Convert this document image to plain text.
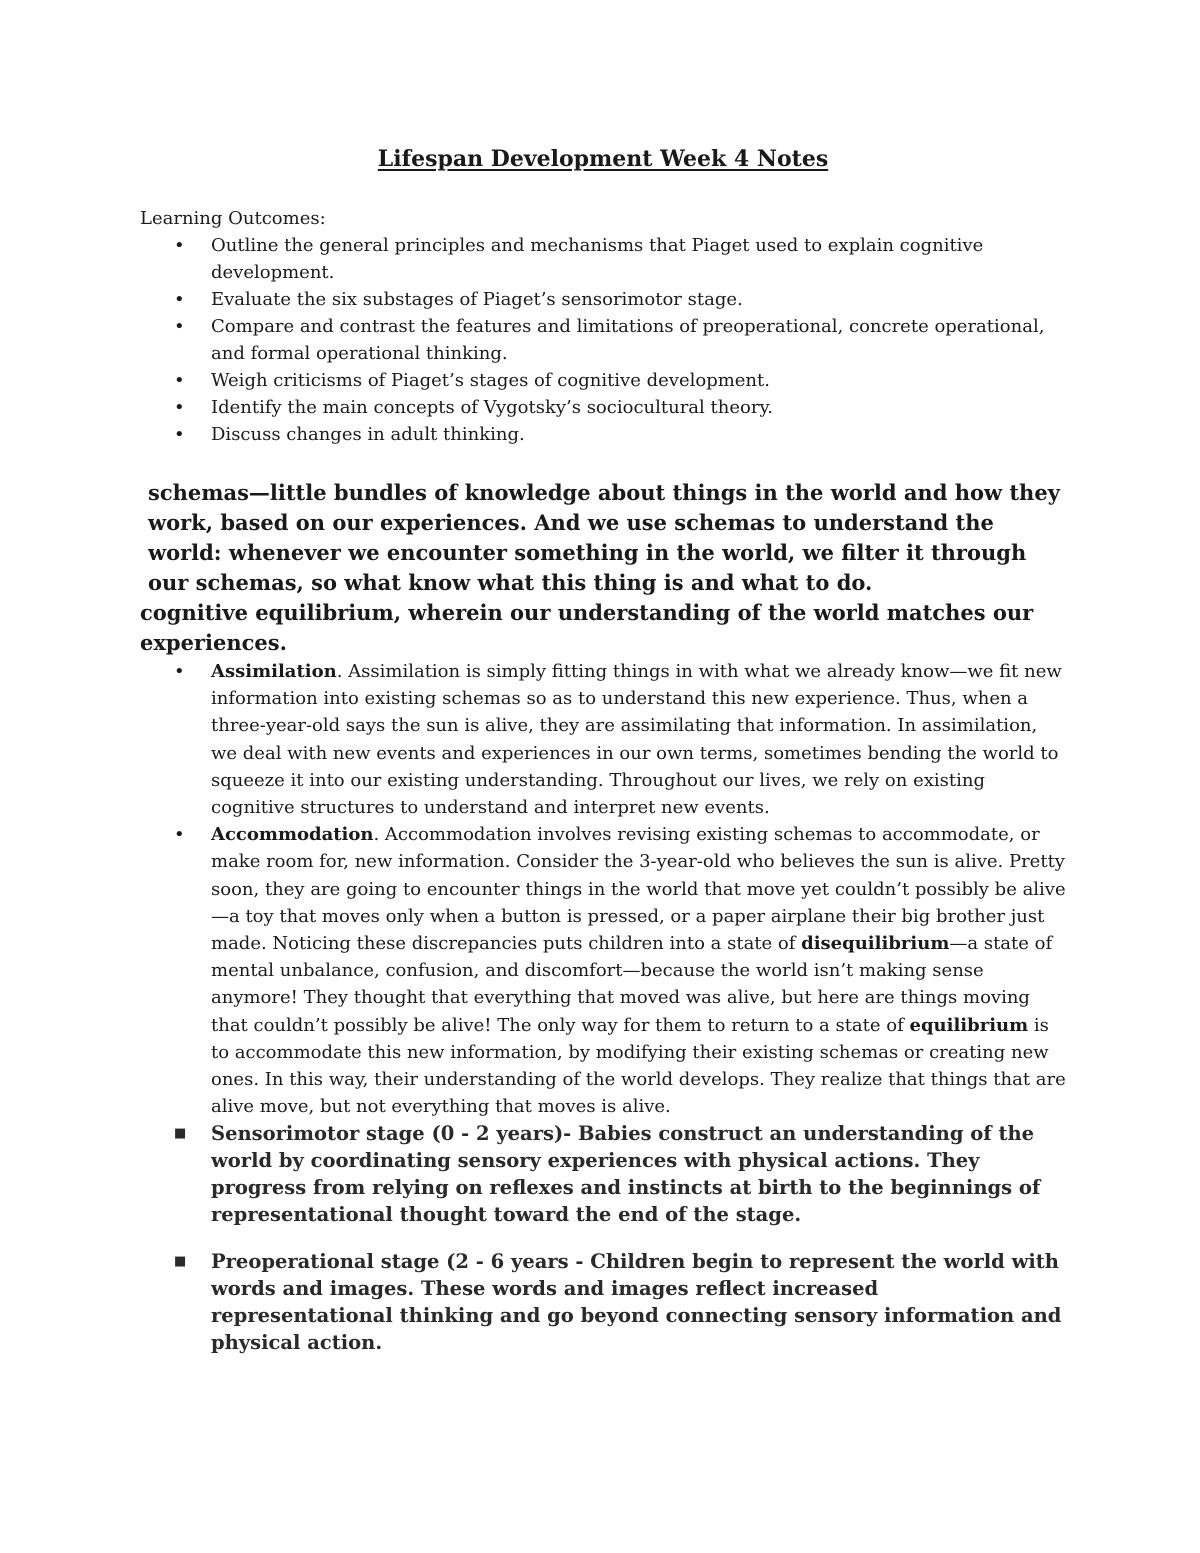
Lifespan Development Week 4 Notes
Learning Outcomes:
• Outline the general principles and mechanisms that Piaget used to explain cognitive development.
• Evaluate the six substages of Piaget’s sensorimotor stage.
• Compare and contrast the features and limitations of preoperational, concrete operational, and formal operational thinking.
• Weigh criticisms of Piaget’s stages of cognitive development.
• Identify the main concepts of Vygotsky’s sociocultural theory.
• Discuss changes in adult thinking.

schemas—little bundles of knowledge about things in the world and how they work, based on our experiences. And we use schemas to understand the world: whenever we encounter something in the world, we filter it through our schemas, so what know what this thing is and what to do.

cognitive equilibrium, wherein our understanding of the world matches our experiences.

• Assimilation. Assimilation is simply fitting things in with what we already know—we fit new information into existing schemas so as to understand this new experience. Thus, when a three-year-old says the sun is alive, they are assimilating that information. In assimilation, we deal with new events and experiences in our own terms, sometimes bending the world to squeeze it into our existing understanding. Throughout our lives, we rely on existing cognitive structures to understand and interpret new events.
• Accommodation. Accommodation involves revising existing schemas to accommodate, or make room for, new information. Consider the 3-year-old who believes the sun is alive. Pretty soon, they are going to encounter things in the world that move yet couldn’t possibly be alive—a toy that moves only when a button is pressed, or a paper airplane their big brother just made. Noticing these discrepancies puts children into a state of disequilibrium—a state of mental unbalance, confusion, and discomfort—because the world isn’t making sense anymore! They thought that everything that moved was alive, but here are things moving that couldn’t possibly be alive! The only way for them to return to a state of equilibrium is to accommodate this new information, by modifying their existing schemas or creating new ones. In this way, their understanding of the world develops. They realize that things that are alive move, but not everything that moves is alive.
■ Sensorimotor stage (0 - 2 years)- Babies construct an understanding of the world by coordinating sensory experiences with physical actions. They progress from relying on reflexes and instincts at birth to the beginnings of representational thought toward the end of the stage.
■ Preoperational stage (2 - 6 years - Children begin to represent the world with words and images. These words and images reflect increased representational thinking and go beyond connecting sensory information and physical action.
